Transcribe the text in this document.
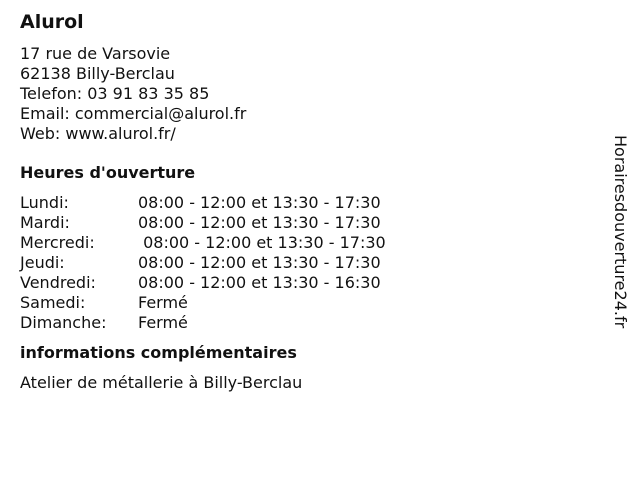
Alurol
17 rue de Varsovie
62138 Billy-Berclau
Telefon: 03 91 83 35 85
Email: commercial@alurol.fr
Web: www.alurol.fr/
Heures d'ouverture
Lundi:	08:00 - 12:00 et 13:30 - 17:30
Mardi:	08:00 - 12:00 et 13:30 - 17:30
Mercredi:	08:00 - 12:00 et 13:30 - 17:30
Jeudi:	08:00 - 12:00 et 13:30 - 17:30
Vendredi:	08:00 - 12:00 et 13:30 - 16:30
Samedi:	Fermé
Dimanche:	Fermé
informations complémentaires
Atelier de métallerie à Billy-Berclau
Horairesdouverture24.fr
